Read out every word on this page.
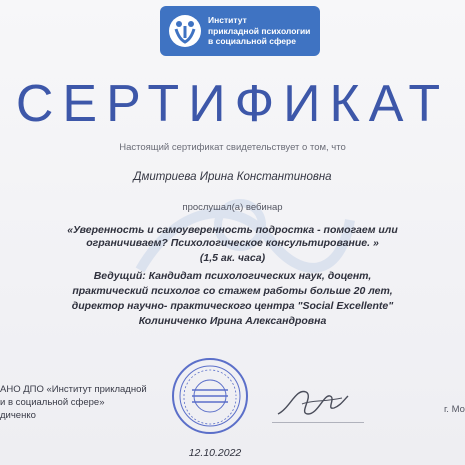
Институт
прикладной психологии
в социальной сфере
СЕРТИФИКАТ
Настоящий сертификат свидетельствует о том, что
Дмитриева Ирина Константиновна
прослушал(а) вебинар
«Уверенность и самоуверенность подростка - помогаем или ограничиваем? Психологическое консультирование. »
(1,5 ак. часа)
Ведущий: Кандидат психологических наук, доцент,
практический психолог со стажем работы больше 20 лет,
директор научно- практического центра "Social Excellente"
Колиниченко Ирина Александровна
АНО ДПО «Институт прикладной
и в социальной сфере»
диченко
г. Мо
12.10.2022
